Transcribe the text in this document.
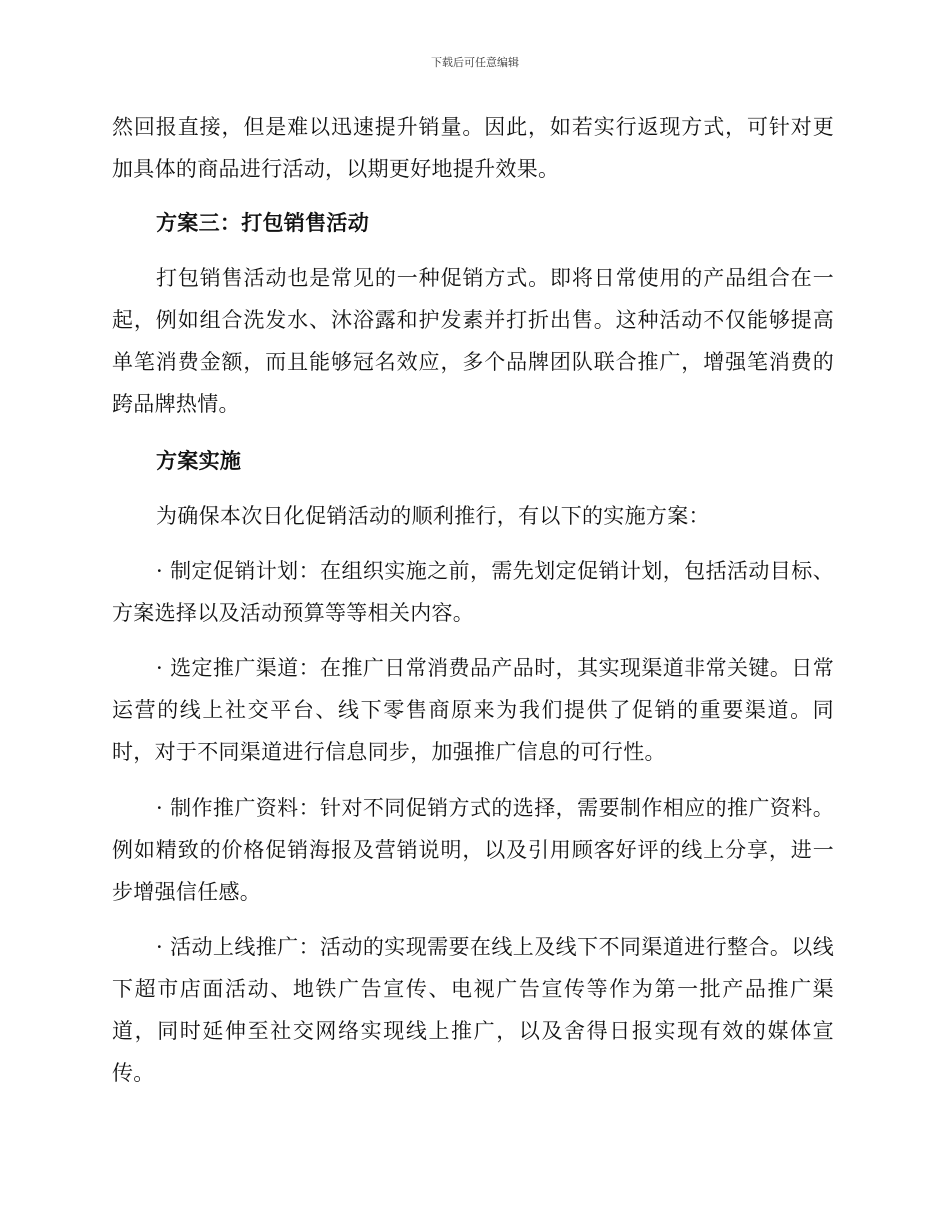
下载后可任意编辑

然回报直接，但是难以迅速提升销量。因此，如若实行返现方式，可针对更加具体的商品进行活动，以期更好地提升效果。

方案三：打包销售活动

打包销售活动也是常见的一种促销方式。即将日常使用的产品组合在一起，例如组合洗发水、沐浴露和护发素并打折出售。这种活动不仅能够提高单笔消费金额，而且能够冠名效应，多个品牌团队联合推广，增强笔消费的跨品牌热情。

方案实施

为确保本次日化促销活动的顺利推行，有以下的实施方案：

· 制定促销计划：在组织实施之前，需先划定促销计划，包括活动目标、方案选择以及活动预算等等相关内容。

· 选定推广渠道：在推广日常消费品产品时，其实现渠道非常关键。日常运营的线上社交平台、线下零售商原来为我们提供了促销的重要渠道。同时，对于不同渠道进行信息同步，加强推广信息的可行性。

· 制作推广资料：针对不同促销方式的选择，需要制作相应的推广资料。例如精致的价格促销海报及营销说明，以及引用顾客好评的线上分享，进一步增强信任感。

· 活动上线推广：活动的实现需要在线上及线下不同渠道进行整合。以线下超市店面活动、地铁广告宣传、电视广告宣传等作为第一批产品推广渠道，同时延伸至社交网络实现线上推广，以及舍得日报实现有效的媒体宣传。
